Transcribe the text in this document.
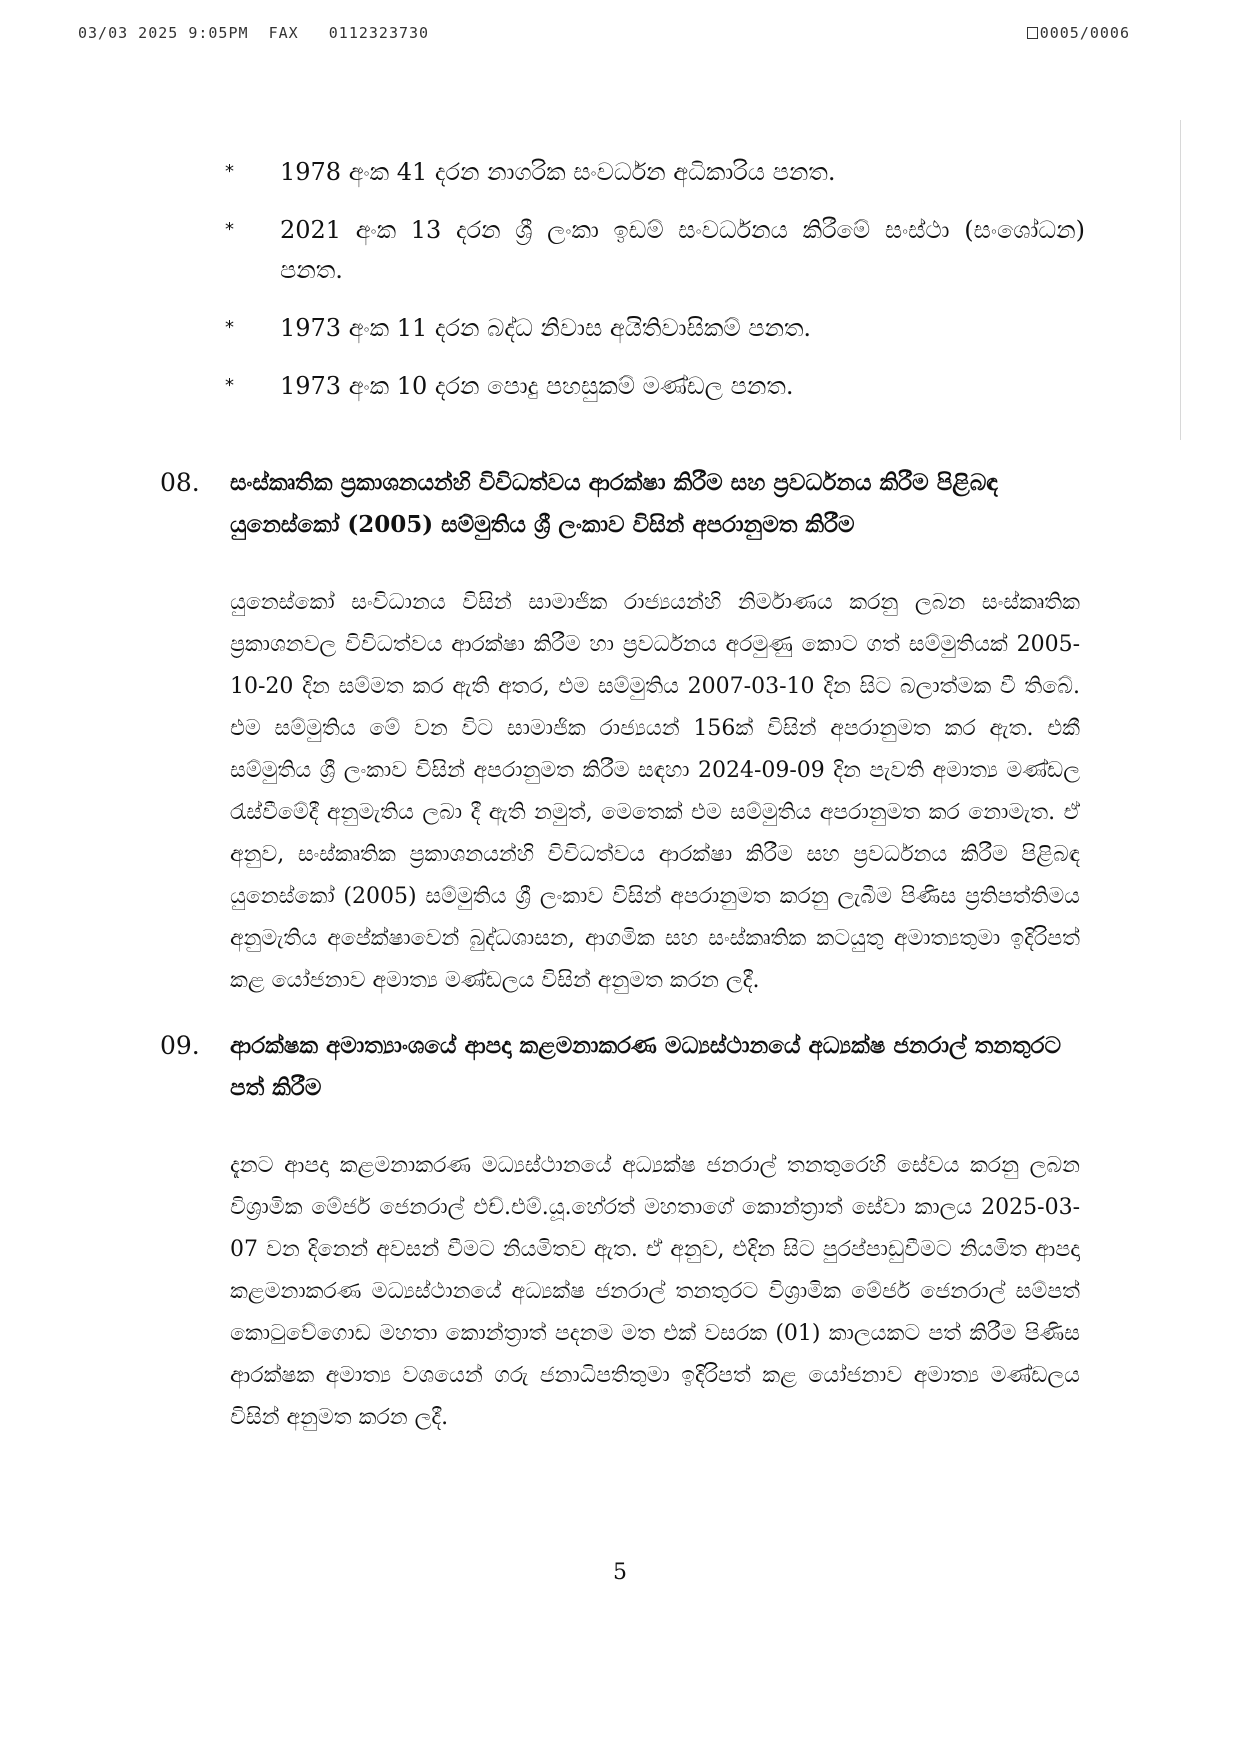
03/03 2025 9:05PM FAX 0112323730	0005/0006
*	1978 අංක 41 දරන නාගරික සංවර්ධන අධිකාරිය පනත.
*	2021 අංක 13 දරන ශ්‍රී ලංකා ඉඩම් සංවර්ධනය කිරීමේ සංස්ථා (සංශෝධන) පනත.
*	1973 අංක 11 දරන බද්ධ නිවාස අයිතිවාසිකම් පනත.
*	1973 අංක 10 දරන පොදු පහසුකම් මණ්ඩල පනත.
08.	සංස්කෘතික ප්‍රකාශනයන්හි විවිධත්වය ආරක්ෂා කිරීම සහ ප්‍රවර්ධනය කිරීම පිළිබඳ යුනෙස්කෝ (2005) සම්මුතිය ශ්‍රී ලංකාව විසින් අපරානුමත කිරීම
යුනෙස්කෝ සංවිධානය විසින් සාමාජික රාජ්‍යයන්හි නිර්මාණය කරනු ලබන සංස්කෘතික ප්‍රකාශනවල විවිධත්වය ආරක්ෂා කිරීම හා ප්‍රවර්ධනය අරමුණු කොට ගත් සම්මුතියක් 2005-10-20 දින සම්මත කර ඇති අතර, එම සම්මුතිය 2007-03-10 දින සිට බලාත්මක වී තිබේ. එම සම්මුතිය මේ වන විට සාමාජික රාජ්‍යයන් 156ක් විසින් අපරානුමත කර ඇත. එකී සම්මුතිය ශ්‍රී ලංකාව විසින් අපරානුමත කිරීම සඳහා 2024-09-09 දින පැවති අමාත්‍ය මණ්ඩල රැස්වීමේදී අනුමැතිය ලබා දී ඇති නමුත්, මෙතෙක් එම සම්මුතිය අපරානුමත කර නොමැත. ඒ අනුව, සංස්කෘතික ප්‍රකාශනයන්හි විවිධත්වය ආරක්ෂා කිරීම සහ ප්‍රවර්ධනය කිරීම පිළිබඳ යුනෙස්කෝ (2005) සම්මුතිය ශ්‍රී ලංකාව විසින් අපරානුමත කරනු ලැබීම පිණිස ප්‍රතිපත්තිමය අනුමැතිය අපේක්ෂාවෙන් බුද්ධශාසන, ආගමික සහ සංස්කෘතික කටයුතු අමාත්‍යතුමා ඉදිරිපත් කළ යෝජනාව අමාත්‍ය මණ්ඩලය විසින් අනුමත කරන ලදී.
09.	ආරක්ෂක අමාත්‍යාංශයේ ආපදා කළමනාකරණ මධ්‍යස්ථානයේ අධ්‍යක්ෂ ජනරාල් තනතුරට පත් කිරීම
දැනට ආපදා කළමනාකරණ මධ්‍යස්ථානයේ අධ්‍යක්ෂ ජනරාල් තනතුරෙහි සේවය කරනු ලබන විශ්‍රාමික මේජර් ජෙනරාල් එච්.එම්.යූ.හේරත් මහතාගේ කොන්ත්‍රාත් සේවා කාලය 2025-03-07 වන දිනෙන් අවසන් වීමට නියමිතව ඇත. ඒ අනුව, එදින සිට පුරප්පාඩුවීමට නියමිත ආපදා කළමනාකරණ මධ්‍යස්ථානයේ අධ්‍යක්ෂ ජනරාල් තනතුරට විශ්‍රාමික මේජර් ජෙනරාල් සම්පත් කොටුවේගොඩ මහතා කොන්ත්‍රාත් පදනම මත එක් වසරක (01) කාලයකට පත් කිරීම පිණිස ආරක්ෂක අමාත්‍ය වශයෙන් ගරු ජනාධිපතිතුමා ඉදිරිපත් කළ යෝජනාව අමාත්‍ය මණ්ඩලය විසින් අනුමත කරන ලදී.
5
